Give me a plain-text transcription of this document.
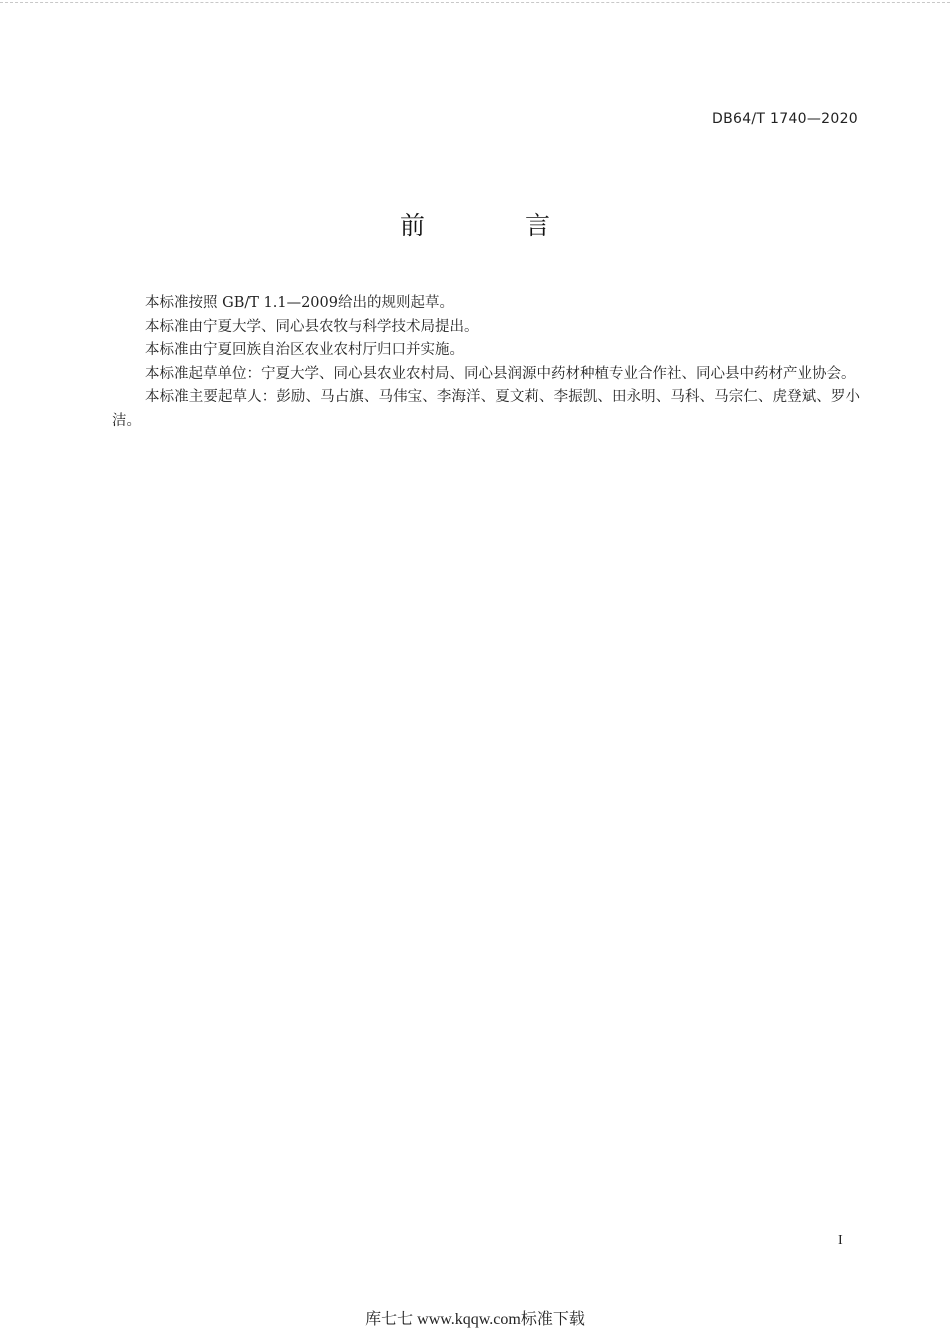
DB64/T 1740—2020
前	言

本标准按照 GB/T 1.1—2009给出的规则起草。

本标准由宁夏大学、同心县农牧与科学技术局提出。

本标准由宁夏回族自治区农业农村厅归口并实施。

本标准起草单位：宁夏大学、同心县农业农村局、同心县润源中药材种植专业合作社、同心县中药材产业协会。

本标准主要起草人：彭励、马占旗、马伟宝、李海洋、夏文莉、李振凯、田永明、马科、马宗仁、虎登斌、罗小洁。

I
库七七 www.kqqw.com标准下载
